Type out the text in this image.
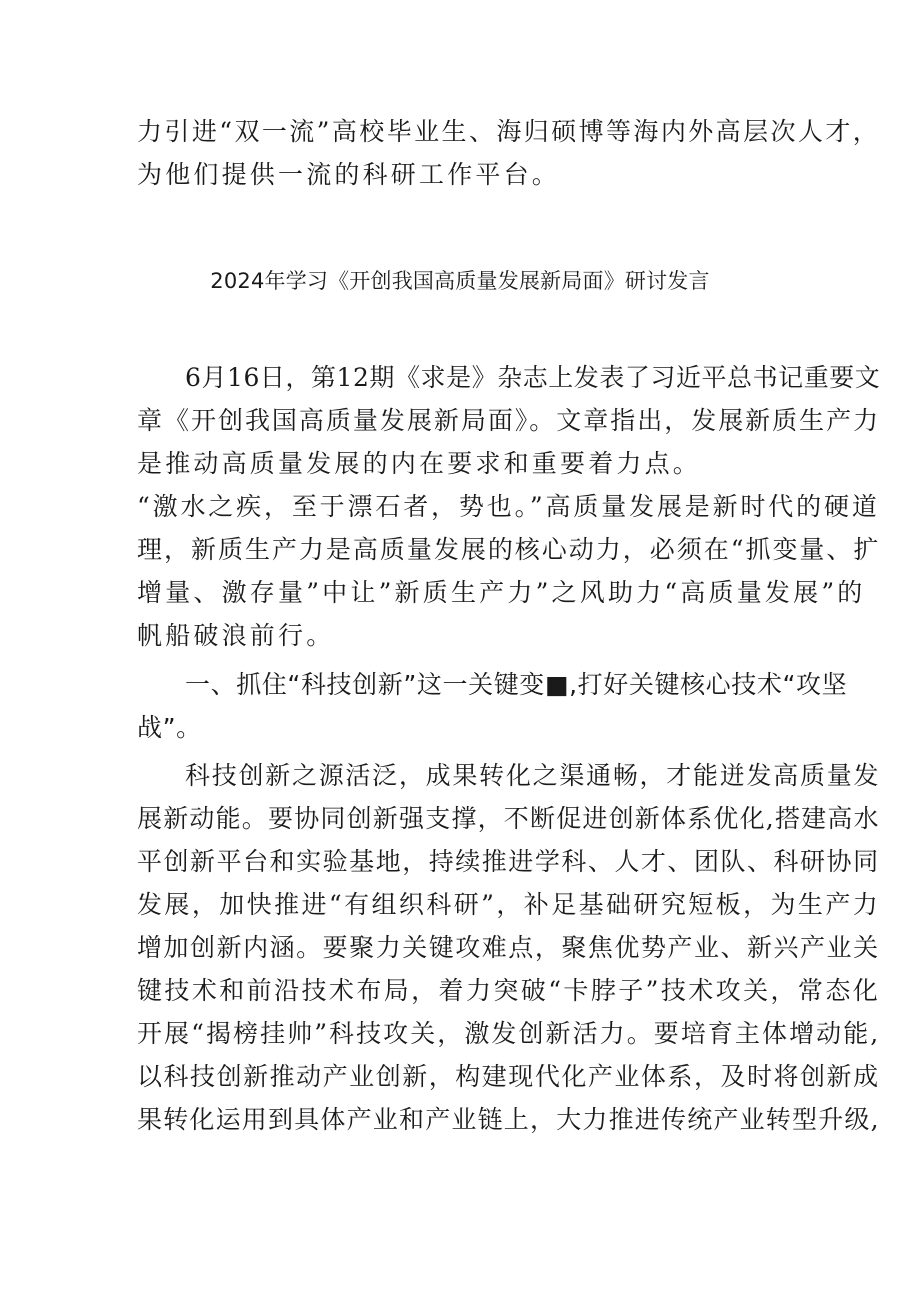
力引进“双一流”高校毕业生、海归硕博等海内外高层次人才，
为他们提供一流的科研工作平台。
2024年学习《开创我国高质量发展新局面》研讨发言
6月16日，第12期《求是》杂志上发表了习近平总书记重要文
章《开创我国高质量发展新局面》。文章指出，发展新质生产力
是推动高质量发展的内在要求和重要着力点。
“激水之疾，至于漂石者，势也。”高质量发展是新时代的硬道
理，新质生产力是高质量发展的核心动力，必须在“抓变量、扩
增量、激存量”中让”新质生产力”之风助力“高质量发展”的
帆船破浪前行。
一、抓住“科技创新”这一关键变■,打好关键核心技术“攻坚
战”。
科技创新之源活泛，成果转化之渠通畅，才能迸发高质量发
展新动能。要协同创新强支撑，不断促进创新体系优化,搭建高水
平创新平台和实验基地，持续推进学科、人才、团队、科研协同
发展，加快推进“有组织科研”，补足基础研究短板，为生产力
增加创新内涵。要聚力关键攻难点，聚焦优势产业、新兴产业关
键技术和前沿技术布局，着力突破“卡脖子”技术攻关，常态化
开展“揭榜挂帅”科技攻关，激发创新活力。要培育主体增动能,
以科技创新推动产业创新，构建现代化产业体系，及时将创新成
果转化运用到具体产业和产业链上，大力推进传统产业转型升级,
